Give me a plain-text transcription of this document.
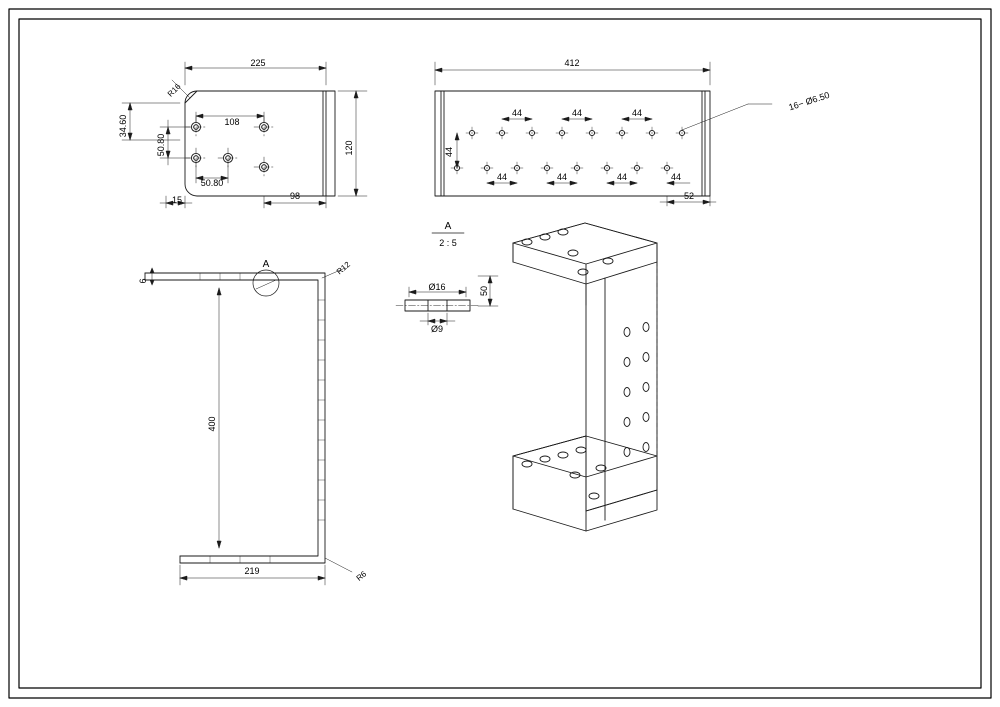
225
120
34.60
50.80
50.80
108
15	98
R16
412
44
44	44	44
44	44	44	44
52
16− Ø6.50
6
400
219
R12
R6
A
A
2 : 5
Ø16
Ø9
50
